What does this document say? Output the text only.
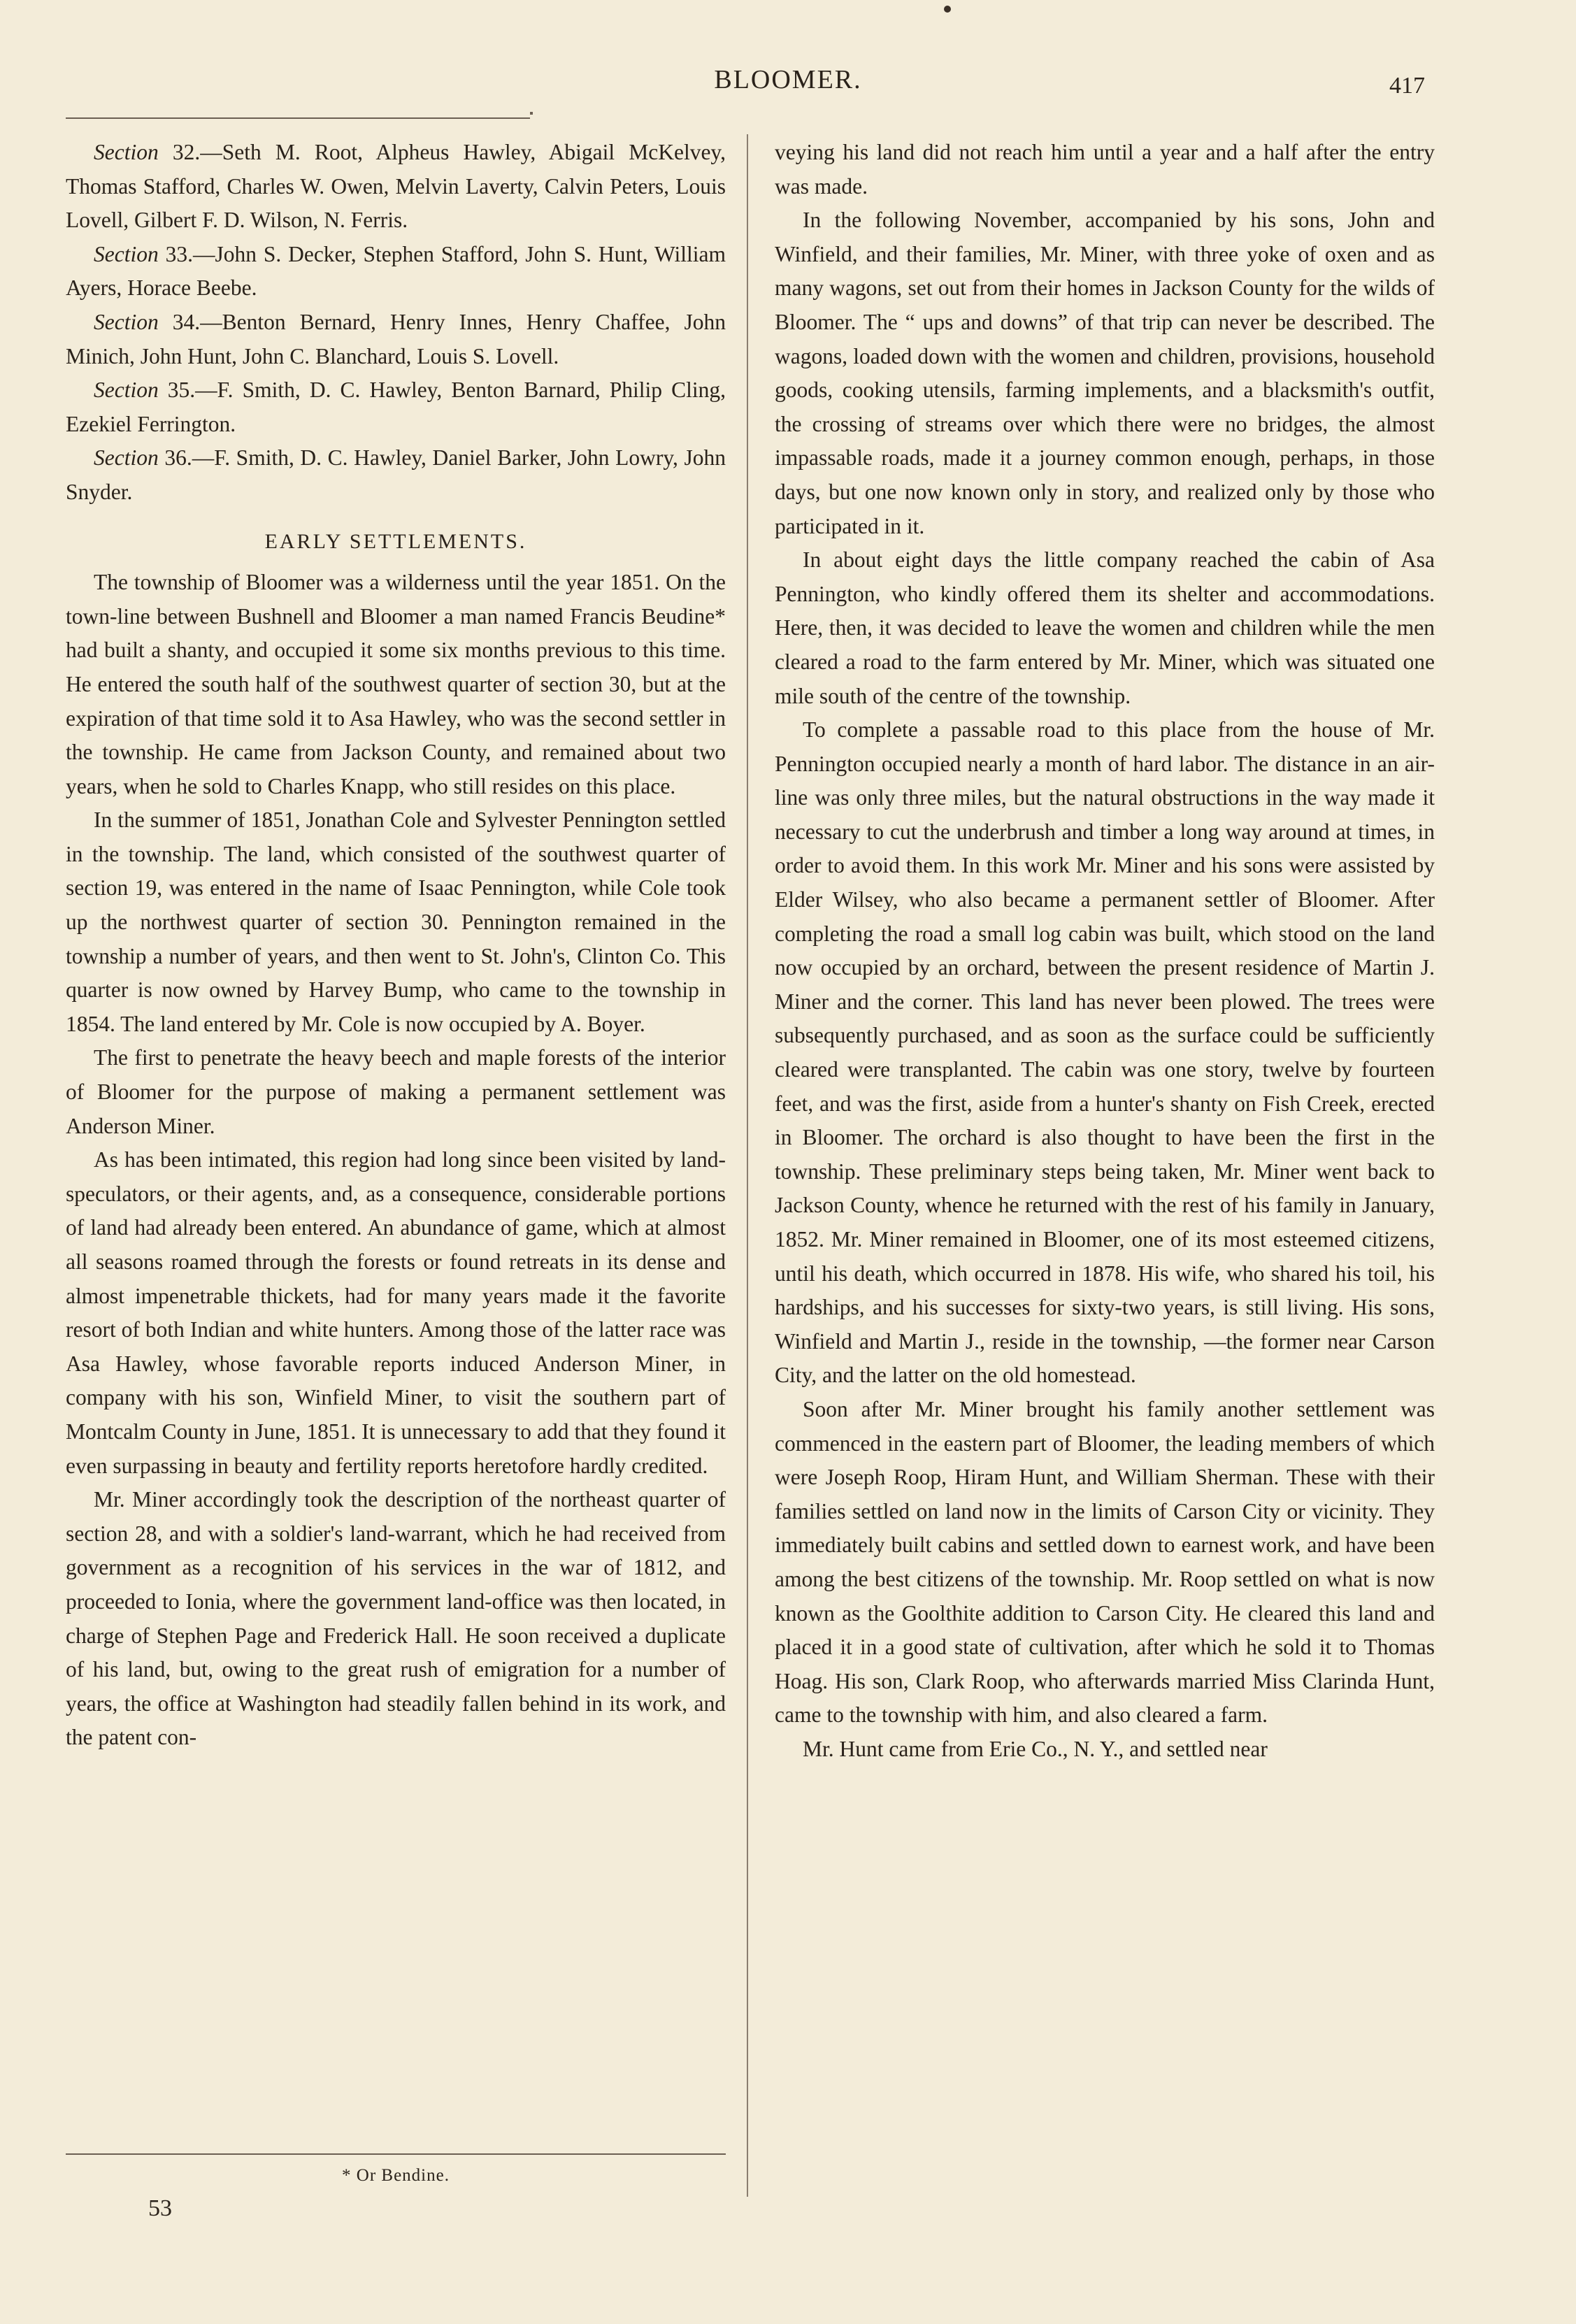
BLOOMER.	417

Section 32.—Seth M. Root, Alpheus Hawley, Abigail McKelvey, Thomas Stafford, Charles W. Owen, Melvin Laverty, Calvin Peters, Louis Lovell, Gilbert F. D. Wilson, N. Ferris.

Section 33.—John S. Decker, Stephen Stafford, John S. Hunt, William Ayers, Horace Beebe.

Section 34.—Benton Bernard, Henry Innes, Henry Chaffee, John Minich, John Hunt, John C. Blanchard, Louis S. Lovell.

Section 35.—F. Smith, D. C. Hawley, Benton Barnard, Philip Cling, Ezekiel Ferrington.

Section 36.—F. Smith, D. C. Hawley, Daniel Barker, John Lowry, John Snyder.

EARLY SETTLEMENTS.

The township of Bloomer was a wilderness until the year 1851. On the town-line between Bushnell and Bloomer a man named Francis Beudine* had built a shanty, and occupied it some six months previous to this time. He entered the south half of the southwest quarter of section 30, but at the expiration of that time sold it to Asa Hawley, who was the second settler in the township. He came from Jackson County, and remained about two years, when he sold to Charles Knapp, who still resides on this place.

In the summer of 1851, Jonathan Cole and Sylvester Pennington settled in the township. The land, which consisted of the southwest quarter of section 19, was entered in the name of Isaac Pennington, while Cole took up the northwest quarter of section 30. Pennington remained in the township a number of years, and then went to St. John's, Clinton Co. This quarter is now owned by Harvey Bump, who came to the township in 1854. The land entered by Mr. Cole is now occupied by A. Boyer.

The first to penetrate the heavy beech and maple forests of the interior of Bloomer for the purpose of making a permanent settlement was Anderson Miner.

As has been intimated, this region had long since been visited by land-speculators, or their agents, and, as a consequence, considerable portions of land had already been entered. An abundance of game, which at almost all seasons roamed through the forests or found retreats in its dense and almost impenetrable thickets, had for many years made it the favorite resort of both Indian and white hunters. Among those of the latter race was Asa Hawley, whose favorable reports induced Anderson Miner, in company with his son, Winfield Miner, to visit the southern part of Montcalm County in June, 1851. It is unnecessary to add that they found it even surpassing in beauty and fertility reports heretofore hardly credited.

Mr. Miner accordingly took the description of the northeast quarter of section 28, and with a soldier's land-warrant, which he had received from government as a recognition of his services in the war of 1812, and proceeded to Ionia, where the government land-office was then located, in charge of Stephen Page and Frederick Hall. He soon received a duplicate of his land, but, owing to the great rush of emigration for a number of years, the office at Washington had steadily fallen behind in its work, and the patent con-

veying his land did not reach him until a year and a half after the entry was made.

In the following November, accompanied by his sons, John and Winfield, and their families, Mr. Miner, with three yoke of oxen and as many wagons, set out from their homes in Jackson County for the wilds of Bloomer. The “ ups and downs” of that trip can never be described. The wagons, loaded down with the women and children, provisions, household goods, cooking utensils, farming implements, and a blacksmith's outfit, the crossing of streams over which there were no bridges, the almost impassable roads, made it a journey common enough, perhaps, in those days, but one now known only in story, and realized only by those who participated in it.

In about eight days the little company reached the cabin of Asa Pennington, who kindly offered them its shelter and accommodations. Here, then, it was decided to leave the women and children while the men cleared a road to the farm entered by Mr. Miner, which was situated one mile south of the centre of the township.

To complete a passable road to this place from the house of Mr. Pennington occupied nearly a month of hard labor. The distance in an air-line was only three miles, but the natural obstructions in the way made it necessary to cut the underbrush and timber a long way around at times, in order to avoid them. In this work Mr. Miner and his sons were assisted by Elder Wilsey, who also became a permanent settler of Bloomer. After completing the road a small log cabin was built, which stood on the land now occupied by an orchard, between the present residence of Martin J. Miner and the corner. This land has never been plowed. The trees were subsequently purchased, and as soon as the surface could be sufficiently cleared were transplanted. The cabin was one story, twelve by fourteen feet, and was the first, aside from a hunter's shanty on Fish Creek, erected in Bloomer. The orchard is also thought to have been the first in the township. These preliminary steps being taken, Mr. Miner went back to Jackson County, whence he returned with the rest of his family in January, 1852. Mr. Miner remained in Bloomer, one of its most esteemed citizens, until his death, which occurred in 1878. His wife, who shared his toil, his hardships, and his successes for sixty-two years, is still living. His sons, Winfield and Martin J., reside in the township, —the former near Carson City, and the latter on the old homestead.

Soon after Mr. Miner brought his family another settlement was commenced in the eastern part of Bloomer, the leading members of which were Joseph Roop, Hiram Hunt, and William Sherman. These with their families settled on land now in the limits of Carson City or vicinity. They immediately built cabins and settled down to earnest work, and have been among the best citizens of the township. Mr. Roop settled on what is now known as the Goolthite addition to Carson City. He cleared this land and placed it in a good state of cultivation, after which he sold it to Thomas Hoag. His son, Clark Roop, who afterwards married Miss Clarinda Hunt, came to the township with him, and also cleared a farm.

Mr. Hunt came from Erie Co., N. Y., and settled near

* Or Bendine.
53
